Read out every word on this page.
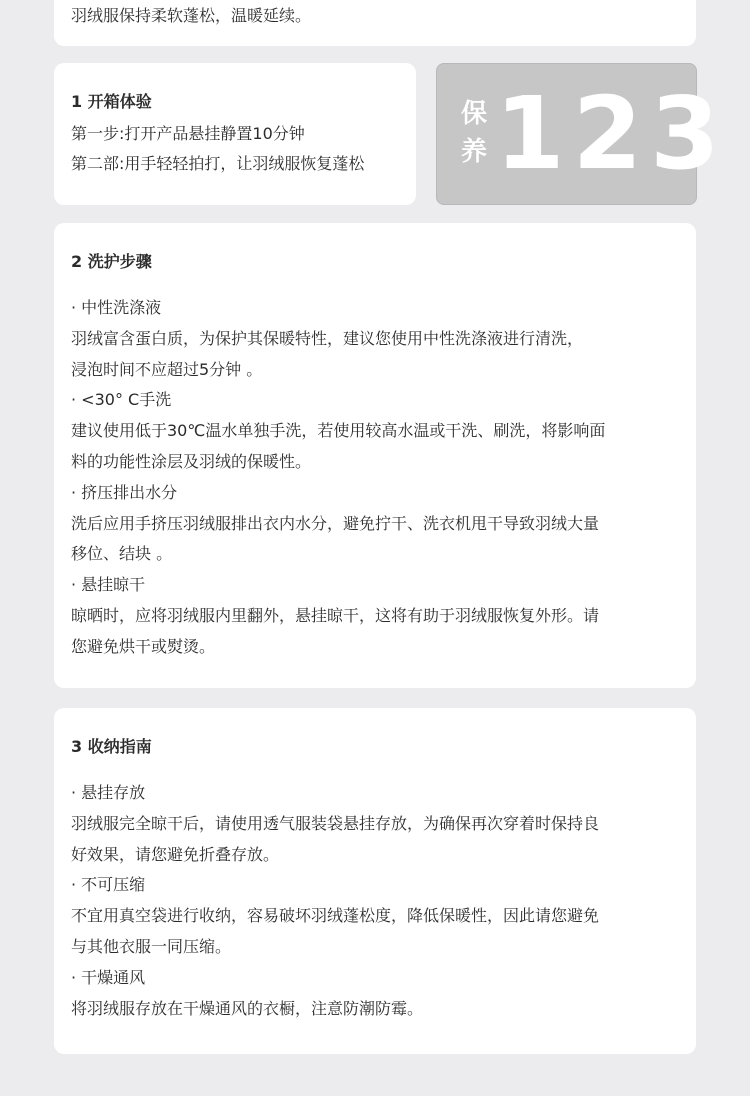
羽绒服保持柔软蓬松，温暖延续。

1 开箱体验

第一步:打开产品悬挂静置10分钟

第二部:用手轻轻拍打，让羽绒服恢复蓬松

保
养 123

2 洗护步骤

· 中性洗涤液

羽绒富含蛋白质，为保护其保暖特性，建议您使用中性洗涤液进行清洗，

浸泡时间不应超过5分钟 。

· <30° C手洗

建议使用低于30℃温水单独手洗，若使用较高水温或干洗、刷洗，将影响面

料的功能性涂层及羽绒的保暖性。

· 挤压排出水分

洗后应用手挤压羽绒服排出衣内水分，避免拧干、洗衣机甩干导致羽绒大量

移位、结块 。

· 悬挂晾干

晾晒时，应将羽绒服内里翻外，悬挂晾干，这将有助于羽绒服恢复外形。请

您避免烘干或熨烫。

3 收纳指南

· 悬挂存放

羽绒服完全晾干后，请使用透气服装袋悬挂存放，为确保再次穿着时保持良

好效果，请您避免折叠存放。

· 不可压缩

不宜用真空袋进行收纳，容易破坏羽绒蓬松度，降低保暖性，因此请您避免

与其他衣服一同压缩。

· 干燥通风

将羽绒服存放在干燥通风的衣橱，注意防潮防霉。
